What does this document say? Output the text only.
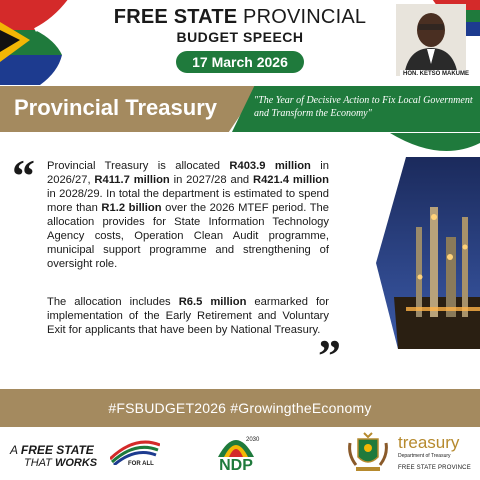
FREE STATE PROVINCIAL
BUDGET SPEECH
17 March 2026
HON. KETSO MAKUME
Provincial Treasury	"The Year of Decisive Action to Fix Local Government and Transform the Economy"
“ Provincial Treasury is allocated R403.9 million in 2026/27, R411.7 million in 2027/28 and R421.4 million in 2028/29. In total the department is estimated to spend more than R1.2 billion over the 2026 MTEF period. The allocation provides for State Information Technology Agency costs, Operation Clean Audit programme, municipal support programme and strengthening of oversight role.

The allocation includes R6.5 million earmarked for implementation of the Early Retirement and Voluntary Exit for applicants that have been by National Treasury.

”
#FSBUDGET2026 #GrowingtheEconomy
A FREE STATE
THAT WORKS	FOR ALL
2030
NDP
treasury
Department of Treasury
FREE STATE PROVINCE
